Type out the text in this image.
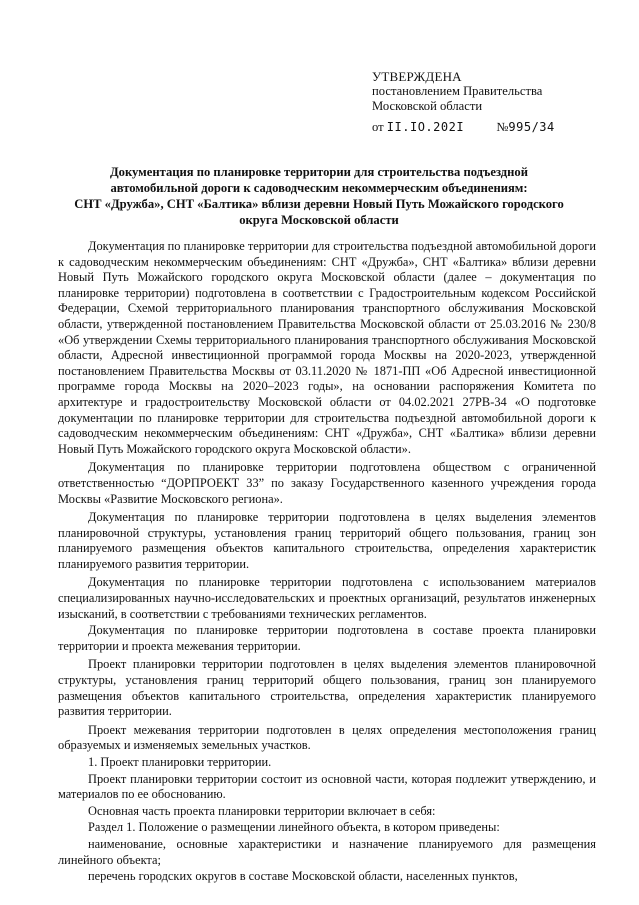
УТВЕРЖДЕНА
постановлением Правительства
Московской области
от II.IO.202I	№995/34
Документация по планировке территории для строительства подъездной
автомобильной дороги к садоводческим некоммерческим объединениям:
СНТ «Дружба», СНТ «Балтика» вблизи деревни Новый Путь Можайского городского
округа Московской области

Документация по планировке территории для строительства подъездной автомобильной дороги к садоводческим некоммерческим объединениям: СНТ «Дружба», СНТ «Балтика» вблизи деревни Новый Путь Можайского городского округа Московской области (далее – документация по планировке территории) подготовлена в соответствии с Градостроительным кодексом Российской Федерации, Схемой территориального планирования транспортного обслуживания Московской области, утвержденной постановлением Правительства Московской области от 25.03.2016 № 230/8 «Об утверждении Схемы территориального планирования транспортного обслуживания Московской области, Адресной инвестиционной программой города Москвы на 2020-2023, утвержденной постановлением Правительства Москвы от 03.11.2020 № 1871-ПП «Об Адресной инвестиционной программе города Москвы на 2020–2023 годы», на основании распоряжения Комитета по архитектуре и градостроительству Московской области от 04.02.2021 27РВ-34 «О подготовке документации по планировке территории для строительства подъездной автомобильной дороги к садоводческим некоммерческим объединениям: СНТ «Дружба», СНТ «Балтика» вблизи деревни Новый Путь Можайского городского округа Московской области».

Документация по планировке территории подготовлена обществом с ограниченной ответственностью “ДОРПРОЕКТ 33” по заказу Государственного казенного учреждения города Москвы «Развитие Московского региона».

Документация по планировке территории подготовлена в целях выделения элементов планировочной структуры, установления границ территорий общего пользования, границ зон планируемого размещения объектов капитального строительства, определения характеристик планируемого развития территории.

Документация по планировке территории подготовлена с использованием материалов специализированных научно-исследовательских и проектных организаций, результатов инженерных изысканий, в соответствии с требованиями технических регламентов.

Документация по планировке территории подготовлена в составе проекта планировки территории и проекта межевания территории.

Проект планировки территории подготовлен в целях выделения элементов планировочной структуры, установления границ территорий общего пользования, границ зон планируемого размещения объектов капитального строительства, определения характеристик планируемого развития территории.

Проект межевания территории подготовлен в целях определения местоположения границ образуемых и изменяемых земельных участков.

1. Проект планировки территории.

Проект планировки территории состоит из основной части, которая подлежит утверждению, и материалов по ее обоснованию.

Основная часть проекта планировки территории включает в себя:

Раздел 1. Положение о размещении линейного объекта, в котором приведены:

наименование, основные характеристики и назначение планируемого для размещения линейного объекта;

перечень городских округов в составе Московской области, населенных пунктов,
